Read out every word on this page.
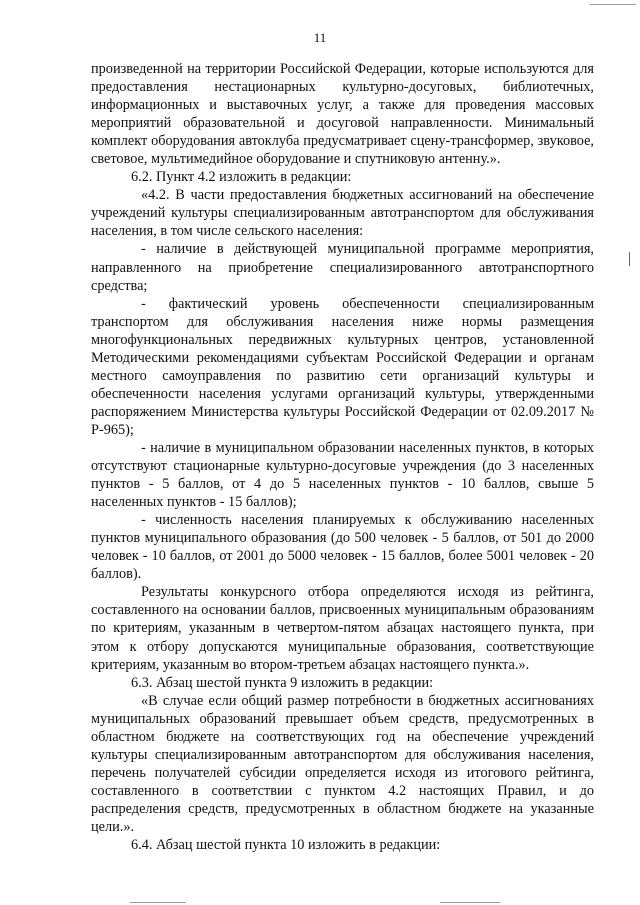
11

произведенной на территории Российской Федерации, которые используются для предоставления нестационарных культурно-досуговых, библиотечных, информационных и выставочных услуг, а также для проведения массовых мероприятий образовательной и досуговой направленности. Минимальный комплект оборудования автоклуба предусматривает сцену-трансформер, звуковое, световое, мультимедийное оборудование и спутниковую антенну.».

6.2. Пункт 4.2 изложить в редакции:

«4.2. В части предоставления бюджетных ассигнований на обеспечение учреждений культуры специализированным автотранспортом для обслуживания населения, в том числе сельского населения:

- наличие в действующей муниципальной программе мероприятия, направленного на приобретение специализированного автотранспортного средства;

- фактический уровень обеспеченности специализированным транспортом для обслуживания населения ниже нормы размещения многофункциональных передвижных культурных центров, установленной Методическими рекомендациями субъектам Российской Федерации и органам местного самоуправления по развитию сети организаций культуры и обеспеченности населения услугами организаций культуры, утвержденными распоряжением Министерства культуры Российской Федерации от 02.09.2017 № Р-965);

- наличие в муниципальном образовании населенных пунктов, в которых отсутствуют стационарные культурно-досуговые учреждения (до 3 населенных пунктов - 5 баллов, от 4 до 5 населенных пунктов - 10 баллов, свыше 5 населенных пунктов - 15 баллов);

- численность населения планируемых к обслуживанию населенных пунктов муниципального образования (до 500 человек - 5 баллов, от 501 до 2000 человек - 10 баллов, от 2001 до 5000 человек - 15 баллов, более 5001 человек - 20 баллов).

Результаты конкурсного отбора определяются исходя из рейтинга, составленного на основании баллов, присвоенных муниципальным образованиям по критериям, указанным в четвертом-пятом абзацах настоящего пункта, при этом к отбору допускаются муниципальные образования, соответствующие критериям, указанным во втором-третьем абзацах настоящего пункта.».

6.3. Абзац шестой пункта 9 изложить в редакции:

«В случае если общий размер потребности в бюджетных ассигнованиях муниципальных образований превышает объем средств, предусмотренных в областном бюджете на соответствующих год на обеспечение учреждений культуры специализированным автотранспортом для обслуживания населения, перечень получателей субсидии определяется исходя из итогового рейтинга, составленного в соответствии с пунктом 4.2 настоящих Правил, и до распределения средств, предусмотренных в областном бюджете на указанные цели.».

6.4. Абзац шестой пункта 10 изложить в редакции:
